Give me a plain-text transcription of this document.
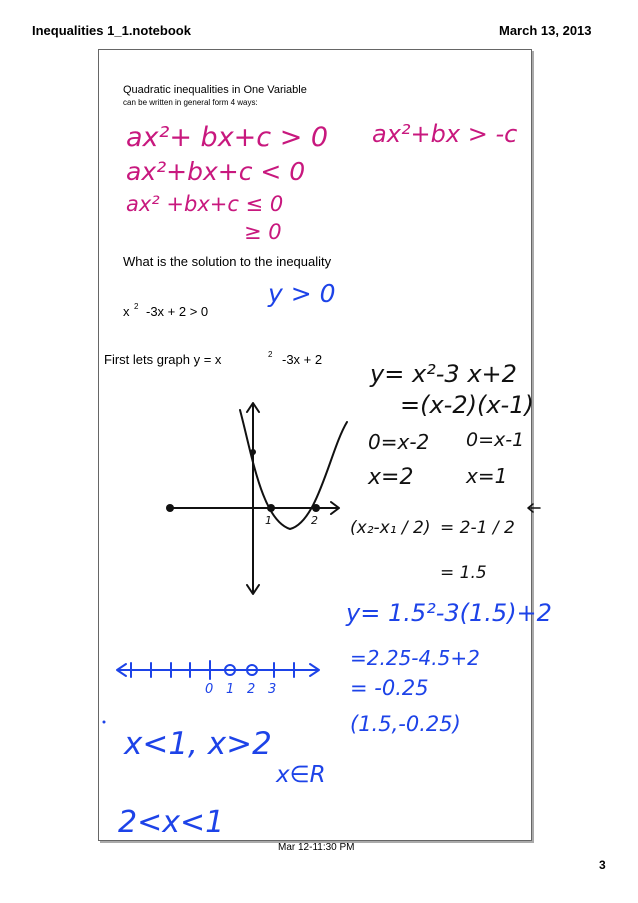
Inequalities 1_1.notebook	March 13, 2013
Quadratic inequalities in One Variable
can be written in general form 4 ways:
What is the solution to the inequality
x 2 -3x + 2 > 0
First lets graph y = x	2 -3x + 2
Mar 12-11:30 PM
3
ax²+ bx+c > 0
ax²+bx+c < 0
ax² +bx+c ≤ 0
≥ 0
ax²+bx > -c
y > 0
y= x²-3 x+2
=(x-2)(x-1)
0=x-2 0=x-1
x=2	x=1
(x₂-x₁ / 2) = 2-1 / 2
= 1.5
y= 1.5²-3(1.5)+2
=2.25-4.5+2
= -0.25
(1.5,-0.25)
1	2
0 1 2 3
x<1, x>2
x∈R
2<x<1
